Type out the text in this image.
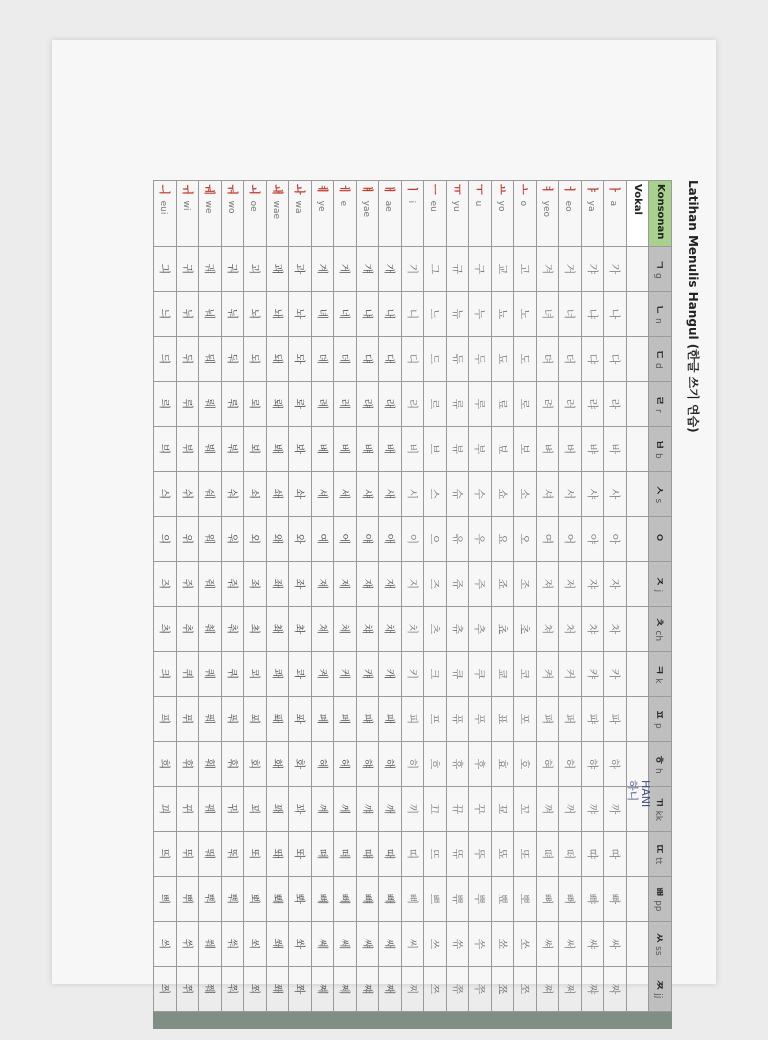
Latihan Menulis Hangul (한글 쓰기 연습)
Konsonan	ㄱg	ㄴn	ㄷd	ㄹr	ㅂb	ㅅs	ㅇ	ㅈj	ㅊch	ㅋk	ㅍp	ㅎh	ㄲkk	ㄸtt	ㅃpp	ㅆss	ㅉjj	
Vokal																		
ㅏa	가	나	다	라	바	사	아	자	차	카	파	하	까	따	빠	싸	짜	
ㅑya	갸	냐	댜	랴	뱌	샤	야	쟈	챠	캬	퍄	햐	꺄	땨	뺘	쌰	쨔	
ㅓeo	거	너	더	러	버	서	어	저	처	커	퍼	허	꺼	떠	뻐	써	쩌	
ㅕyeo	겨	녀	뎌	려	벼	셔	여	져	쳐	켜	펴	혀	껴	뗘	뼈	쎠	쪄	
ㅗo	고	노	도	로	보	소	오	조	초	코	포	호	꼬	또	뽀	쏘	쪼	
ㅛyo	교	뇨	됴	료	뵤	쇼	요	죠	쵸	쿄	표	효	꾜	뚀	뾰	쑈	쬬	
ㅜu	구	누	두	루	부	수	우	주	추	쿠	푸	후	꾸	뚜	뿌	쑤	쭈	
ㅠyu	규	뉴	듀	류	뷰	슈	유	쥬	츄	큐	퓨	휴	뀨	뜌	쀼	쓔	쮸	
ㅡeu	그	느	드	르	브	스	으	즈	츠	크	프	흐	끄	뜨	쁘	쓰	쯔	
ㅣi	기	니	디	리	비	시	이	지	치	키	피	히	끼	띠	삐	씨	찌	
ㅐae	개	내	대	래	배	새	애	재	채	캐	패	해	깨	때	빼	쌔	째	
ㅒyae	걔	냬	댸	럐	뱨	섀	얘	쟤	챼	컈	퍠	햬	꺠	떄	뺴	썌	쨰	
ㅔe	게	네	데	레	베	세	에	제	체	케	페	헤	께	떼	뻬	쎄	쩨	
ㅖye	계	녜	뎨	례	볘	셰	예	졔	쳬	켸	폐	혜	꼐	뗴	뼤	쎼	쪠	
ㅘwa	과	놔	돠	롸	봐	솨	와	좌	촤	콰	퐈	화	꽈	똬	뽜	쏴	쫘	
ㅙwae	괘	놰	돼	뢔	봬	쇄	왜	좨	쵀	쾌	퐤	홰	꽤	뙈	뽸	쐐	쫴	
ㅚoe	괴	뇌	되	뢰	뵈	쇠	외	죄	최	쾨	푀	회	꾀	뙤	뾔	쐬	쬐	
ㅝwo	궈	눠	둬	뤄	붜	숴	워	줘	춰	쿼	풔	훠	꿔	뚸	뿨	쒀	쭤	
ㅞwe	궤	눼	뒈	뤠	붸	쉐	웨	줴	췌	퀘	풰	훼	꿰	뛔	뿨	쒜	쮀	
ㅟwi	귀	뉘	뒤	뤼	뷔	쉬	위	쥐	취	퀴	퓌	휘	뀌	뛰	쀠	쒸	쮜	
ㅢeui	긔	늬	듸	릐	븨	싀	의	즤	츼	킈	픠	희	끠	띄	쁴	씌	쯰	
HANI
하니
